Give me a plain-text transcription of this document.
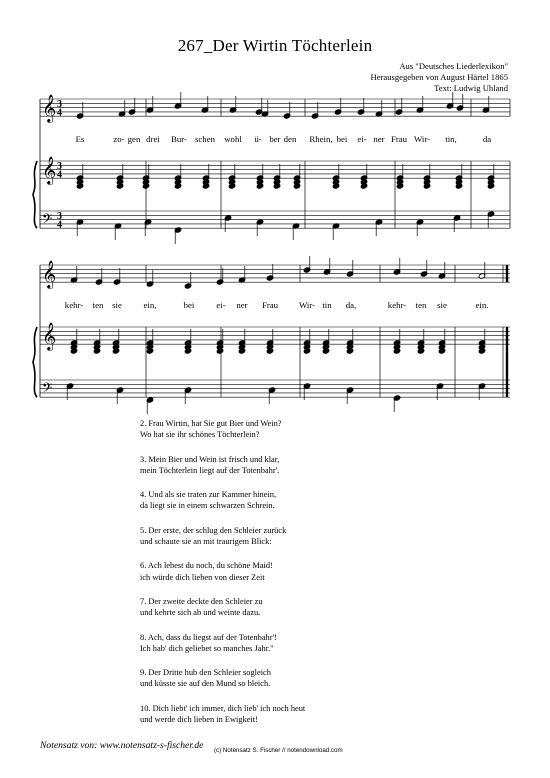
267_Der Wirtin Töchterlein
Aus "Deutsches Liederlexikon"
Herausgegeben von August Härtel 1865
Text: Ludwig Uhland
𝄞 3
4
𝄞 3
4
𝄢 3
4
𝄞
𝄞
𝄢
Es	zo- gen drei Bur- schen wohl ü- ber den Rhein, bei ei- ner Frau Wir- tin,	da
kehr- ten sie ein,	bei ei- ner Frau Wir- tin da,	kehr- ten sie	ein.
2. Frau Wirtin, hat Sie gut Bier und Wein?
Wo hat sie ihr schönes Töchterlein?
3. Mein Bier und Wein ist frisch und klar,
mein Töchterlein liegt auf der Totenbahr'.
4. Und als sie traten zur Kammer hinein,
da liegt sie in einem schwarzen Schrein.
5. Der erste, der schlug den Schleier zurück
und schaute sie an mit traurigem Blick:
6. Ach lebest du noch, du schöne Maid!
ich würde dich lieben von dieser Zeit
7. Der zweite deckte den Schleier zu
und kehrte sich ab und weinte dazu.
8. Ach, dass du liegst auf der Totenbahr'!
Ich hab' dich geliebet so manches Jahr."
9. Der Dritte hub den Schleier sogleich
und küsste sie auf den Mund so bleich.
10. Dich liebt' ich immer, dich lieb' ich noch heut
und werde dich lieben in Ewigkeit!
Notensatz von: www.notensatz-s-fischer.de (c) Notensatz S. Fischer // notendownload.com
